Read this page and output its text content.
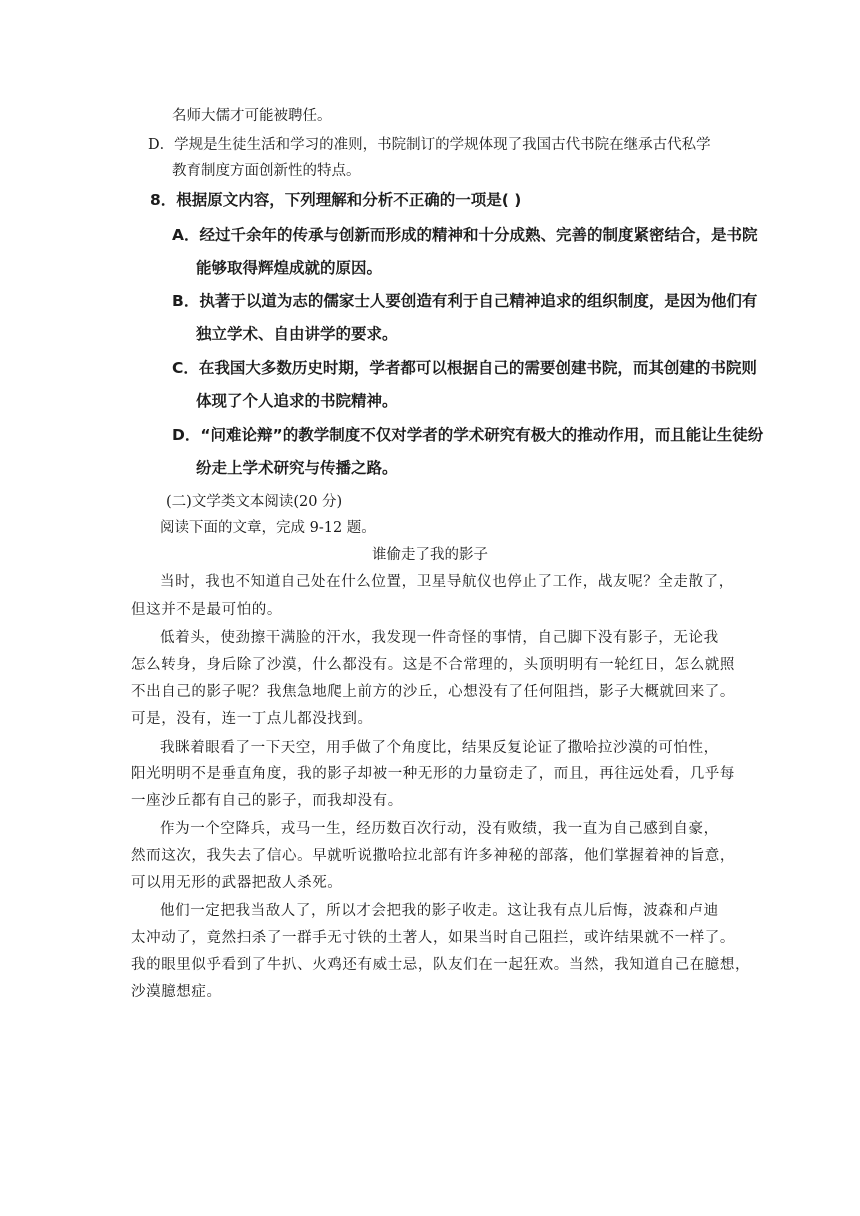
名师大儒才可能被聘任。
D．学规是生徒生活和学习的准则，书院制订的学规体现了我国古代书院在继承古代私学
教育制度方面创新性的特点。
8．根据原文内容，下列理解和分析不正确的一项是( )
A．经过千余年的传承与创新而形成的精神和十分成熟、完善的制度紧密结合，是书院
能够取得辉煌成就的原因。
B．执著于以道为志的儒家士人要创造有利于自己精神追求的组织制度，是因为他们有
独立学术、自由讲学的要求。
C．在我国大多数历史时期，学者都可以根据自己的需要创建书院，而其创建的书院则
体现了个人追求的书院精神。
D．“问难论辩”的教学制度不仅对学者的学术研究有极大的推动作用，而且能让生徒纷
纷走上学术研究与传播之路。
(二)文学类文本阅读(20 分)
阅读下面的文章，完成 9-12 题。
谁偷走了我的影子
当时，我也不知道自己处在什么位置，卫星导航仪也停止了工作，战友呢？全走散了，
但这并不是最可怕的。
低着头，使劲擦干满脸的汗水，我发现一件奇怪的事情，自己脚下没有影子，无论我
怎么转身，身后除了沙漠，什么都没有。这是不合常理的，头顶明明有一轮红日，怎么就照
不出自己的影子呢？我焦急地爬上前方的沙丘，心想没有了任何阻挡，影子大概就回来了。
可是，没有，连一丁点儿都没找到。
我眯着眼看了一下天空，用手做了个角度比，结果反复论证了撒哈拉沙漠的可怕性，
阳光明明不是垂直角度，我的影子却被一种无形的力量窃走了，而且，再往远处看，几乎每
一座沙丘都有自己的影子，而我却没有。
作为一个空降兵，戎马一生，经历数百次行动，没有败绩，我一直为自己感到自豪，
然而这次，我失去了信心。早就听说撒哈拉北部有许多神秘的部落，他们掌握着神的旨意，
可以用无形的武器把敌人杀死。
他们一定把我当敌人了，所以才会把我的影子收走。这让我有点儿后悔，波森和卢迪
太冲动了，竟然扫杀了一群手无寸铁的土著人，如果当时自己阻拦，或许结果就不一样了。
我的眼里似乎看到了牛扒、火鸡还有威士忌，队友们在一起狂欢。当然，我知道自己在臆想，
沙漠臆想症。
